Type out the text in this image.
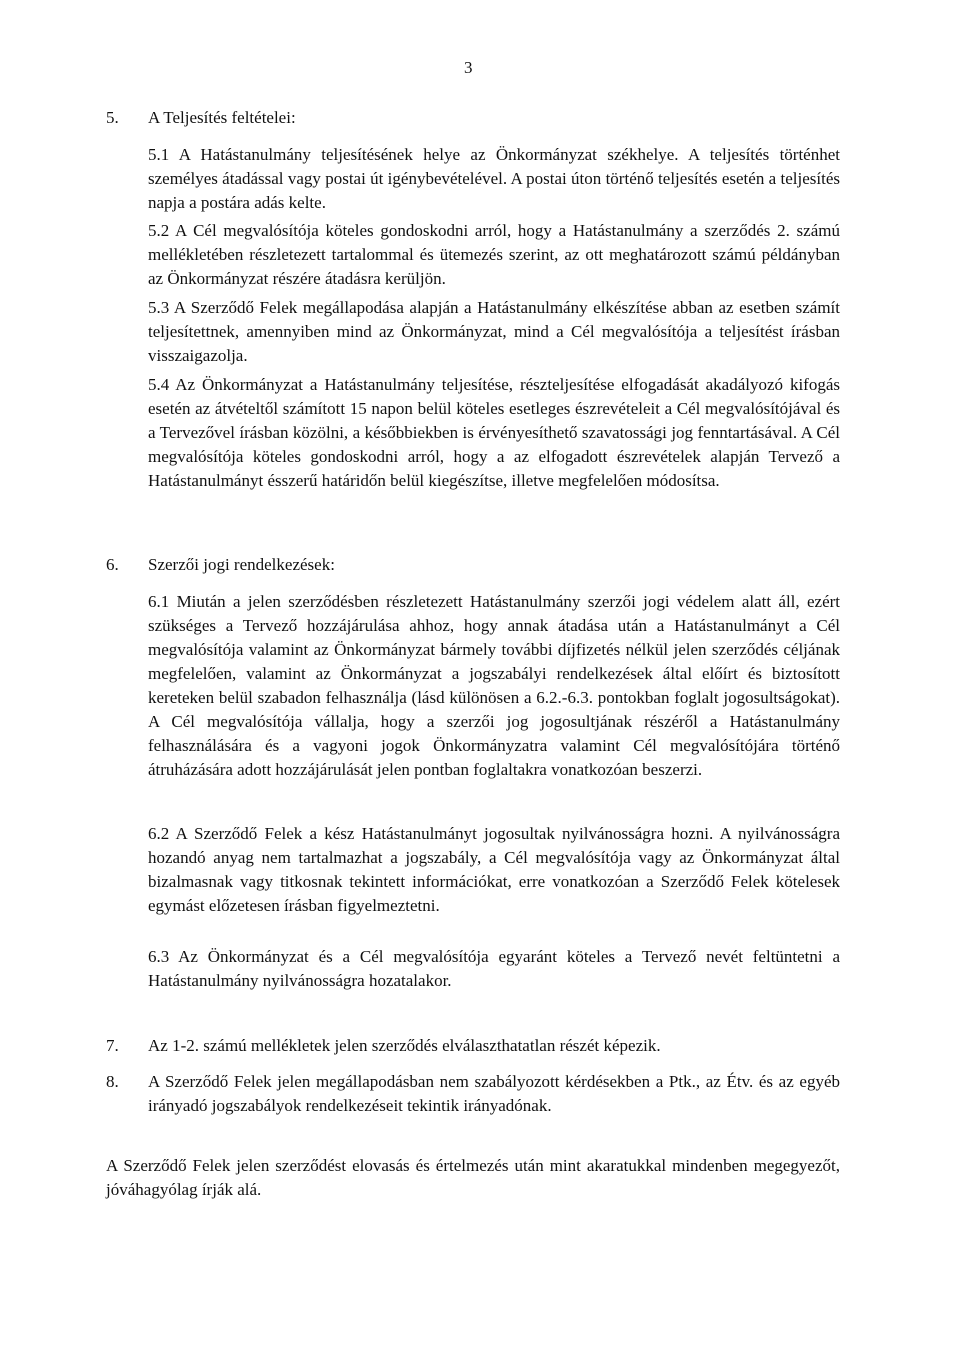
3
5. A Teljesítés feltételei:
5.1 A Hatástanulmány teljesítésének helye az Önkormányzat székhelye. A teljesítés történhet személyes átadással vagy postai út igénybevételével. A postai úton történő teljesítés esetén a teljesítés napja a postára adás kelte.
5.2 A Cél megvalósítója köteles gondoskodni arról, hogy a Hatástanulmány a szerződés 2. számú mellékletében részletezett tartalommal és ütemezés szerint, az ott meghatározott számú példányban az Önkormányzat részére átadásra kerüljön.
5.3 A Szerződő Felek megállapodása alapján a Hatástanulmány elkészítése abban az esetben számít teljesítettnek, amennyiben mind az Önkormányzat, mind a Cél megvalósítója a teljesítést írásban visszaigazolja.
5.4 Az Önkormányzat a Hatástanulmány teljesítése, részteljesítése elfogadását akadályozó kifogás esetén az átvételtől számított 15 napon belül köteles esetleges észrevételeit a Cél megvalósítójával és a Tervezővel írásban közölni, a későbbiekben is érvényesíthető szavatossági jog fenntartásával. A Cél megvalósítója köteles gondoskodni arról, hogy a az elfogadott észrevételek alapján Tervező a Hatástanulmányt ésszerű határidőn belül kiegészítse, illetve megfelelően módosítsa.
6. Szerzői jogi rendelkezések:
6.1 Miután a jelen szerződésben részletezett Hatástanulmány szerzői jogi védelem alatt áll, ezért szükséges a Tervező hozzájárulása ahhoz, hogy annak átadása után a Hatástanulmányt a Cél megvalósítója valamint az Önkormányzat bármely további díjfizetés nélkül jelen szerződés céljának megfelelően, valamint az Önkormányzat a jogszabályi rendelkezések által előírt és biztosított kereteken belül szabadon felhasználja (lásd különösen a 6.2.-6.3. pontokban foglalt jogosultságokat). A Cél megvalósítója vállalja, hogy a szerzői jog jogosultjának részéről a Hatástanulmány felhasználására és a vagyoni jogok Önkormányzatra valamint Cél megvalósítójára történő átruházására adott hozzájárulását jelen pontban foglaltakra vonatkozóan beszerzi.
6.2 A Szerződő Felek a kész Hatástanulmányt jogosultak nyilvánosságra hozni. A nyilvánosságra hozandó anyag nem tartalmazhat a jogszabály, a Cél megvalósítója vagy az Önkormányzat által bizalmasnak vagy titkosnak tekintett információkat, erre vonatkozóan a Szerződő Felek kötelesek egymást előzetesen írásban figyelmeztetni.
6.3 Az Önkormányzat és a Cél megvalósítója egyaránt köteles a Tervező nevét feltüntetni a Hatástanulmány nyilvánosságra hozatalakor.
7. Az 1-2. számú mellékletek jelen szerződés elválaszthatatlan részét képezik.
8. A Szerződő Felek jelen megállapodásban nem szabályozott kérdésekben a Ptk., az Étv. és az egyéb irányadó jogszabályok rendelkezéseit tekintik irányadónak.
A Szerződő Felek jelen szerződést elovasás és értelmezés után mint akaratukkal mindenben megegyezőt, jóváhagyólag írják alá.
